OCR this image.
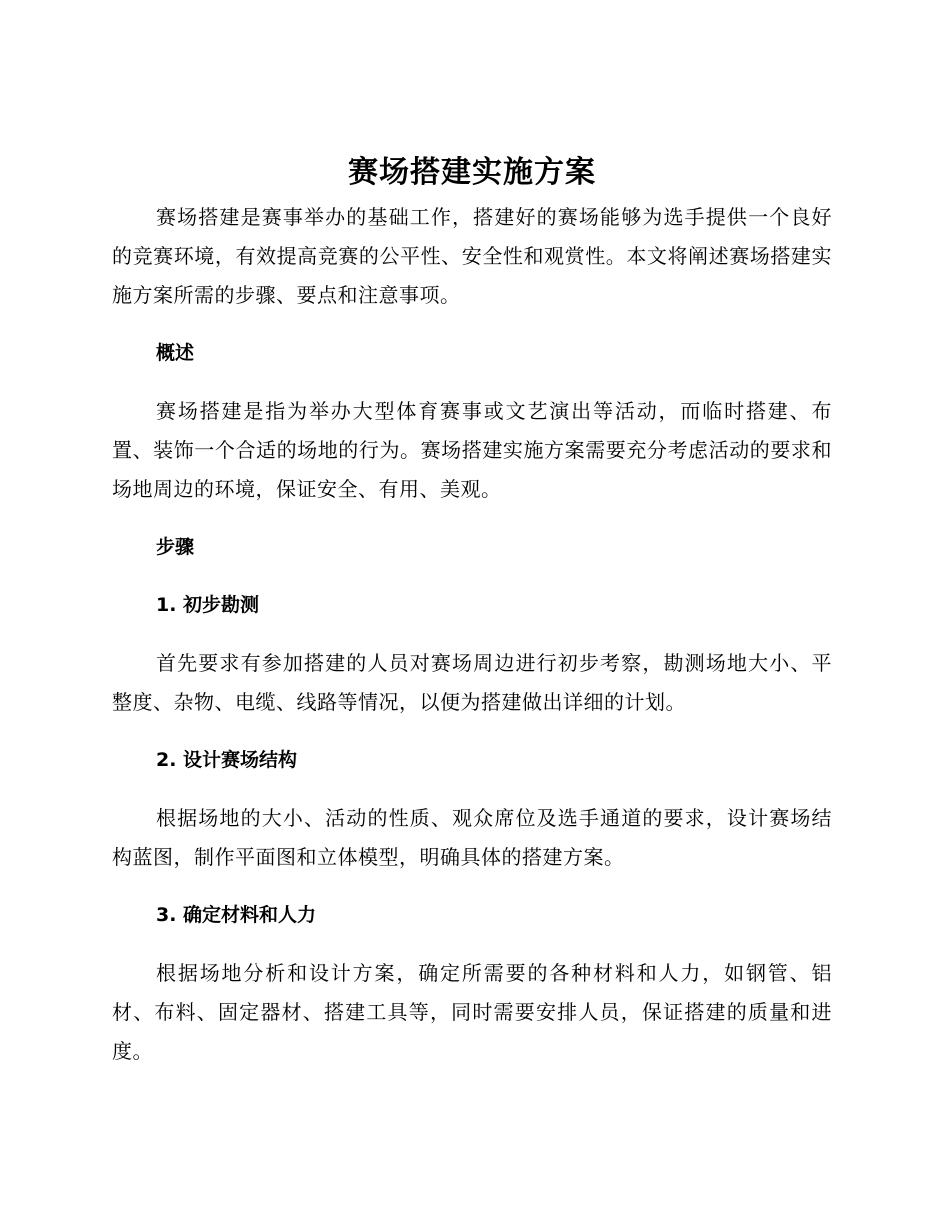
赛场搭建实施方案

赛场搭建是赛事举办的基础工作，搭建好的赛场能够为选手提供一个良好的竞赛环境，有效提高竞赛的公平性、安全性和观赏性。本文将阐述赛场搭建实施方案所需的步骤、要点和注意事项。

概述

赛场搭建是指为举办大型体育赛事或文艺演出等活动，而临时搭建、布置、装饰一个合适的场地的行为。赛场搭建实施方案需要充分考虑活动的要求和场地周边的环境，保证安全、有用、美观。

步骤

1. 初步勘测

首先要求有参加搭建的人员对赛场周边进行初步考察，勘测场地大小、平整度、杂物、电缆、线路等情况，以便为搭建做出详细的计划。

2. 设计赛场结构

根据场地的大小、活动的性质、观众席位及选手通道的要求，设计赛场结构蓝图，制作平面图和立体模型，明确具体的搭建方案。

3. 确定材料和人力

根据场地分析和设计方案，确定所需要的各种材料和人力，如钢管、铝材、布料、固定器材、搭建工具等，同时需要安排人员，保证搭建的质量和进度。
